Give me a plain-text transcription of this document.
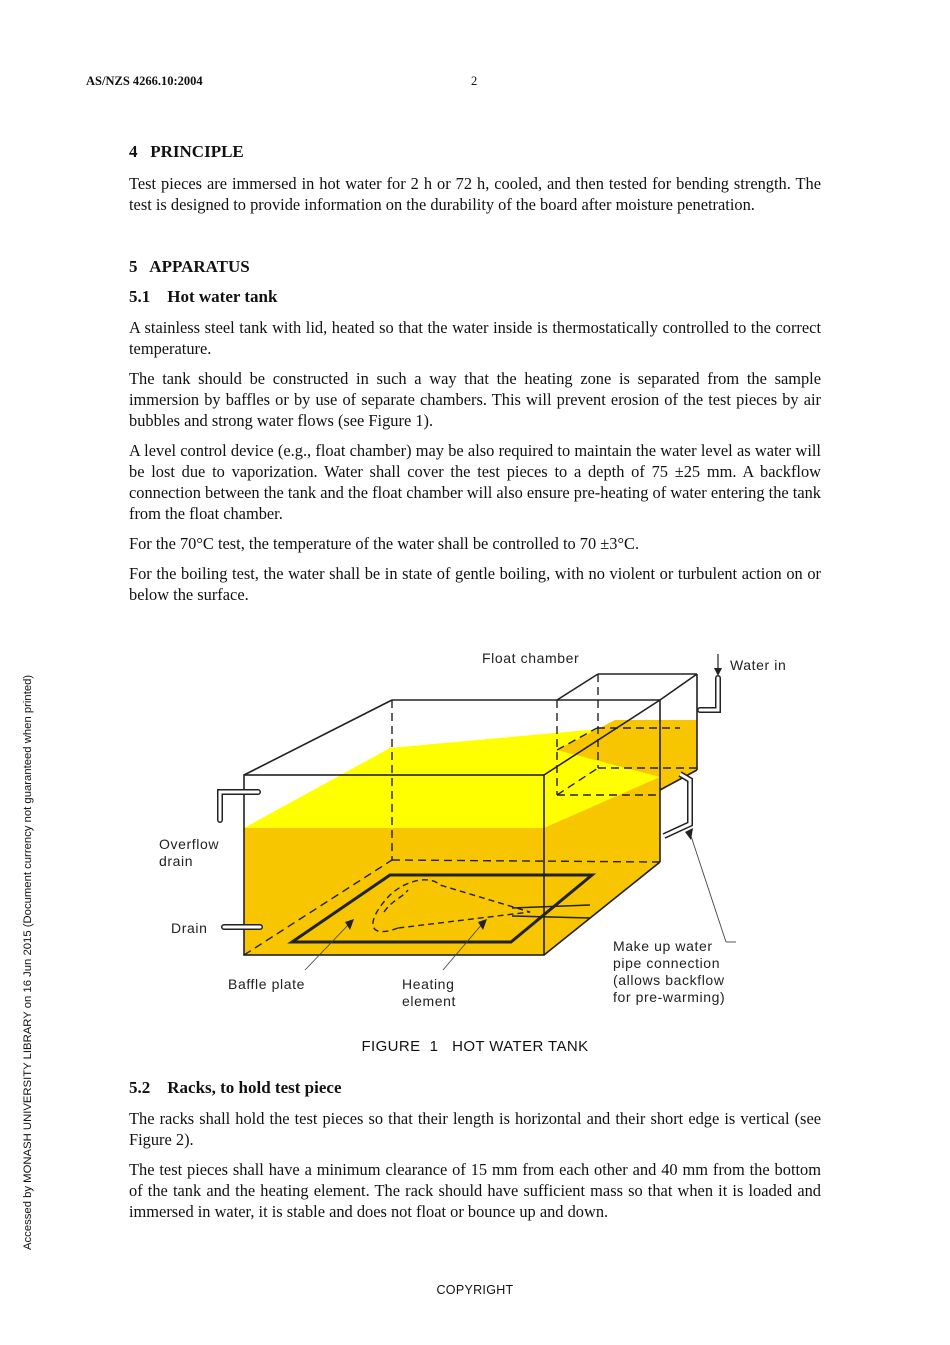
AS/NZS 4266.10:2004	2
Accessed by MONASH UNIVERSITY LIBRARY on 16 Jun 2015 (Document currency not guaranteed when printed)

4   PRINCIPLE

Test pieces are immersed in hot water for 2 h or 72 h, cooled, and then tested for bending strength. The test is designed to provide information on the durability of the board after moisture penetration.

5   APPARATUS

5.1    Hot water tank

A stainless steel tank with lid, heated so that the water inside is thermostatically controlled to the correct temperature.

The tank should be constructed in such a way that the heating zone is separated from the sample immersion by baffles or by use of separate chambers. This will prevent erosion of the test pieces by air bubbles and strong water flows (see Figure 1).

A level control device (e.g., float chamber) may be also required to maintain the water level as water will be lost due to vaporization. Water shall cover the test pieces to a depth of 75 ±25 mm. A backflow connection between the tank and the float chamber will also ensure pre-heating of water entering the tank from the float chamber.

For the 70°C test, the temperature of the water shall be controlled to 70 ±3°C.

For the boiling test, the water shall be in state of gentle boiling, with no violent or turbulent action on or below the surface.

Float chamber	Water in
Overflow
drain
Drain
Baffle plate	Heating
element
Make up water
pipe connection
(allows backflow
for pre-warming)
FIGURE  1   HOT WATER TANK

5.2    Racks, to hold test piece

The racks shall hold the test pieces so that their length is horizontal and their short edge is vertical (see Figure 2).

The test pieces shall have a minimum clearance of 15 mm from each other and 40 mm from the bottom of the tank and the heating element. The rack should have sufficient mass so that when it is loaded and immersed in water, it is stable and does not float or bounce up and down.

COPYRIGHT
